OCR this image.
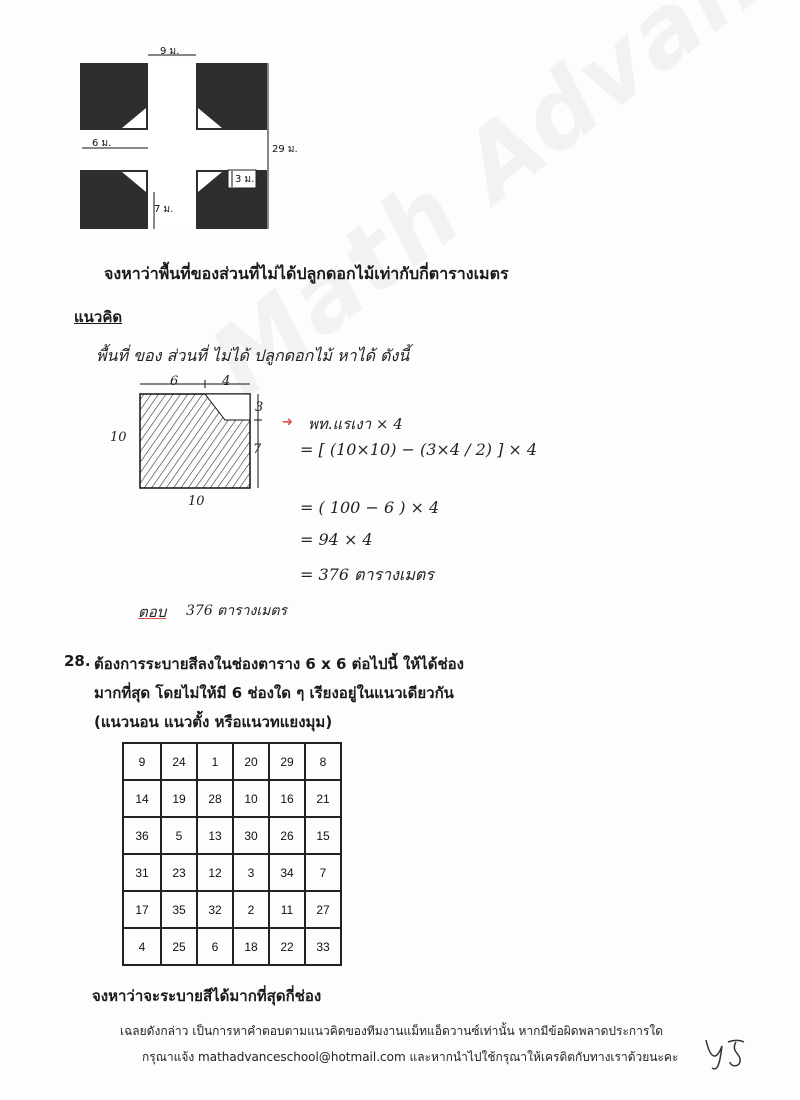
9 ม.
29 ม.
6 ม.
3 ม.
7 ม.
จงหาว่าพื้นที่ของส่วนที่ไม่ได้ปลูกดอกไม้เท่ากับกี่ตารางเมตร
แนวคิด
พื้นที่ ของ ส่วนที่ ไม่ได้ ปลูกดอกไม้ หาได้ ดังนี้
6	4
3
7
10
10
➜ พท.แรเงา × 4
= [ (10×10) − (3×4 / 2) ] × 4
= ( 100 − 6 ) × 4
= 94 × 4
= 376 ตารางเมตร
ตอบ 376 ตารางเมตร
28. ต้องการระบายสีลงในช่องตาราง 6 x 6 ต่อไปนี้ ให้ได้ช่อง
มากที่สุด โดยไม่ให้มี 6 ช่องใด ๆ เรียงอยู่ในแนวเดียวกัน
(แนวนอน แนวตั้ง หรือแนวทแยงมุม)
9	24	1	20	29	8
14	19	28	10	16	21
36	5	13	30	26	15
31	23	12	3	34	7
17	35	32	2	11	27
4	25	6	18	22	33
จงหาว่าจะระบายสีได้มากที่สุดกี่ช่อง
เฉลยดังกล่าว เป็นการหาคำตอบตามแนวคิดของทีมงานแม็ทแอ็ดวานซ์เท่านั้น หากมีข้อผิดพลาดประการใด
กรุณาแจ้ง mathadvanceschool@hotmail.com และหากนำไปใช้กรุณาให้เครดิตกับทางเราด้วยนะคะ
